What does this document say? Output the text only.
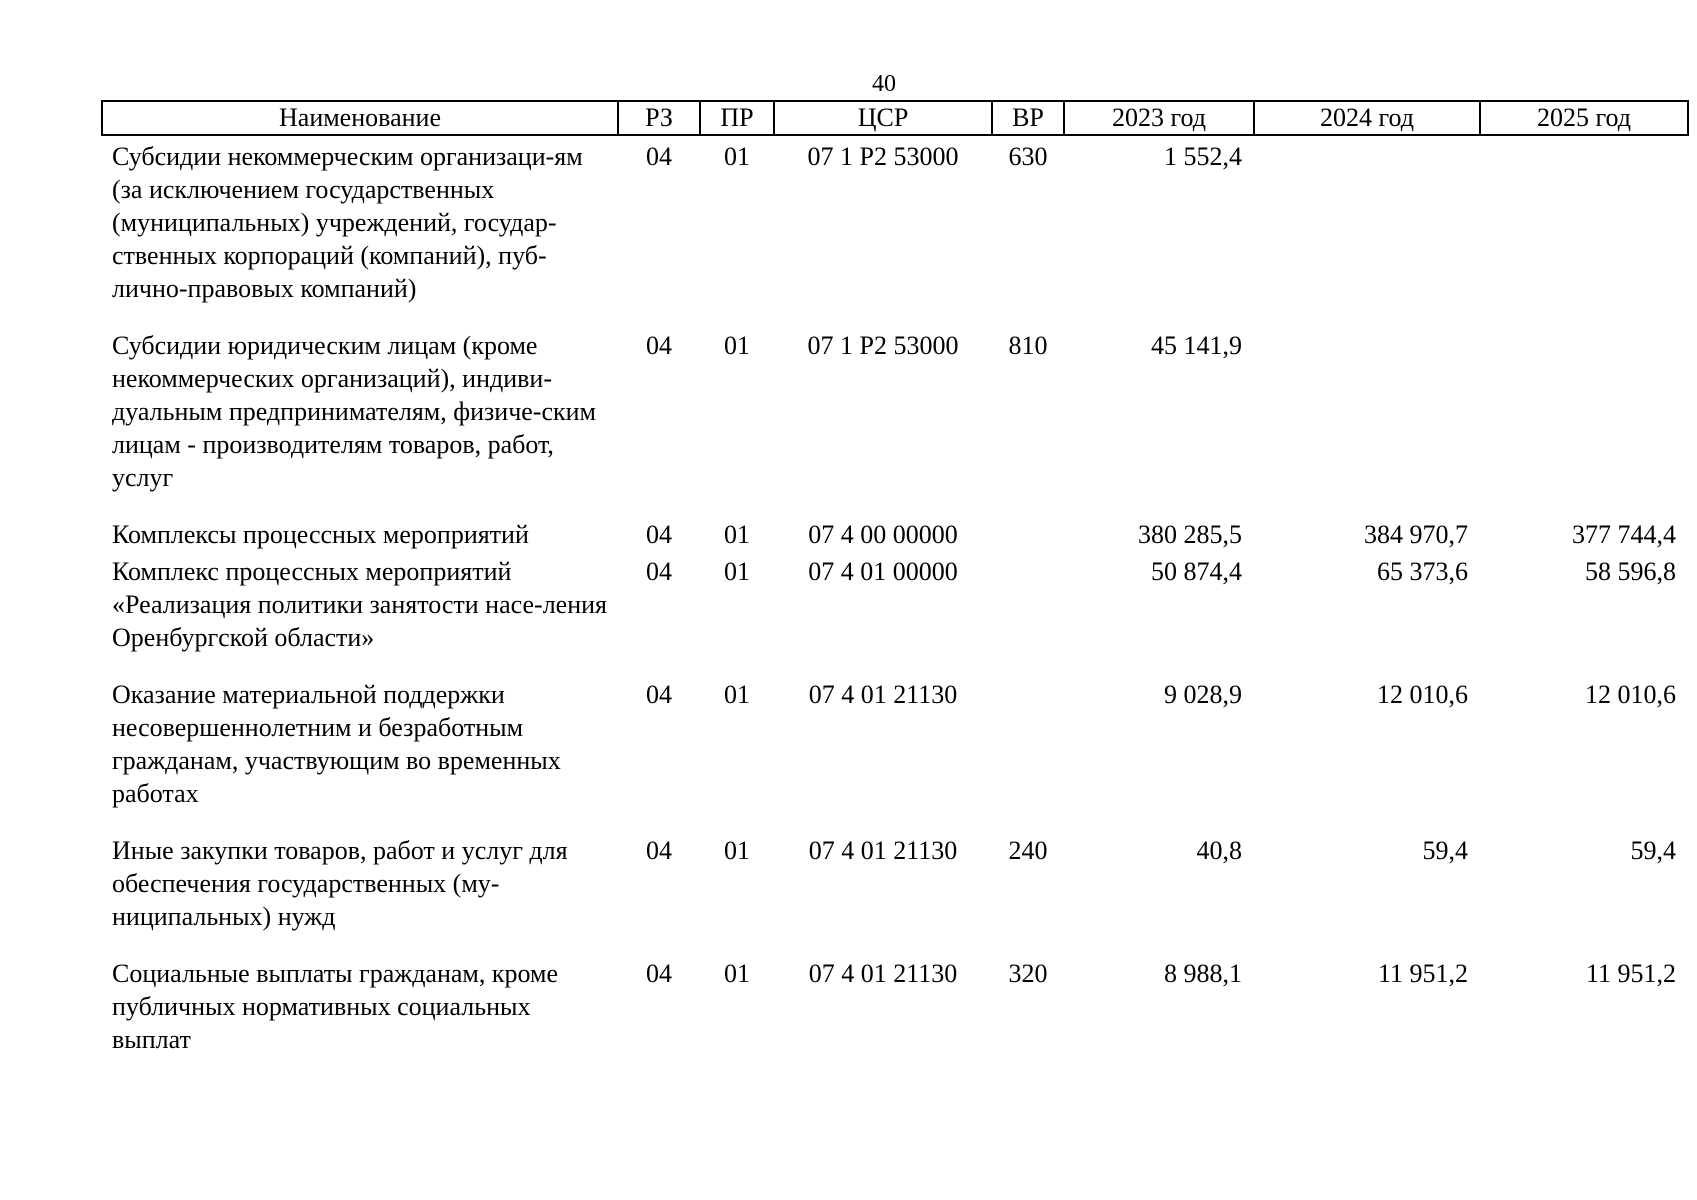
40
Наименование	РЗ	ПР	ЦСР	ВР	2023 год	2024 год	2025 год
Субсидии некоммерческим организаци-ям (за исключением государственных (муниципальных) учреждений, государ-ственных корпораций (компаний), пуб-лично-правовых компаний)	04	01	07 1 Р2 53000	630	1 552,4		

Субсидии юридическим лицам (кроме некоммерческих организаций), индиви-дуальным предпринимателям, физиче-ским лицам - производителям товаров, работ, услуг	04	01	07 1 Р2 53000	810	45 141,9		

Комплексы процессных мероприятий	04	01	07 4 00 00000		380 285,5	384 970,7	377 744,4
Комплекс процессных мероприятий «Реализация политики занятости насе-ления Оренбургской области»	04	01	07 4 01 00000		50 874,4	65 373,6	58 596,8

Оказание материальной поддержки несовершеннолетним и безработным гражданам, участвующим во временных работах	04	01	07 4 01 21130		9 028,9	12 010,6	12 010,6

Иные закупки товаров, работ и услуг для обеспечения государственных (му-ниципальных) нужд	04	01	07 4 01 21130	240	40,8	59,4	59,4

Социальные выплаты гражданам, кроме публичных нормативных социальных выплат	04	01	07 4 01 21130	320	8 988,1	11 951,2	11 951,2
